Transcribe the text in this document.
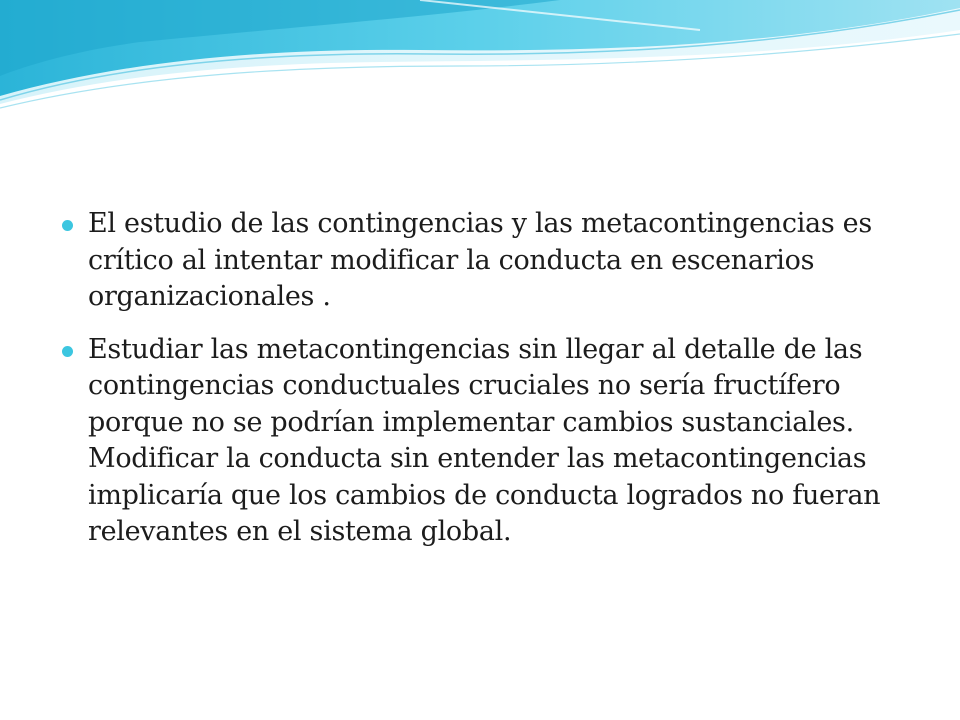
El estudio de las contingencias y las metacontingencias es crítico al intentar modificar la conducta en escenarios organizacionales .
Estudiar las metacontingencias sin llegar al detalle de las contingencias conductuales cruciales no sería fructífero porque no se podrían implementar cambios sustanciales. Modificar la conducta sin entender las metacontingencias implicaría que los cambios de conducta logrados no fueran relevantes en el sistema global.
